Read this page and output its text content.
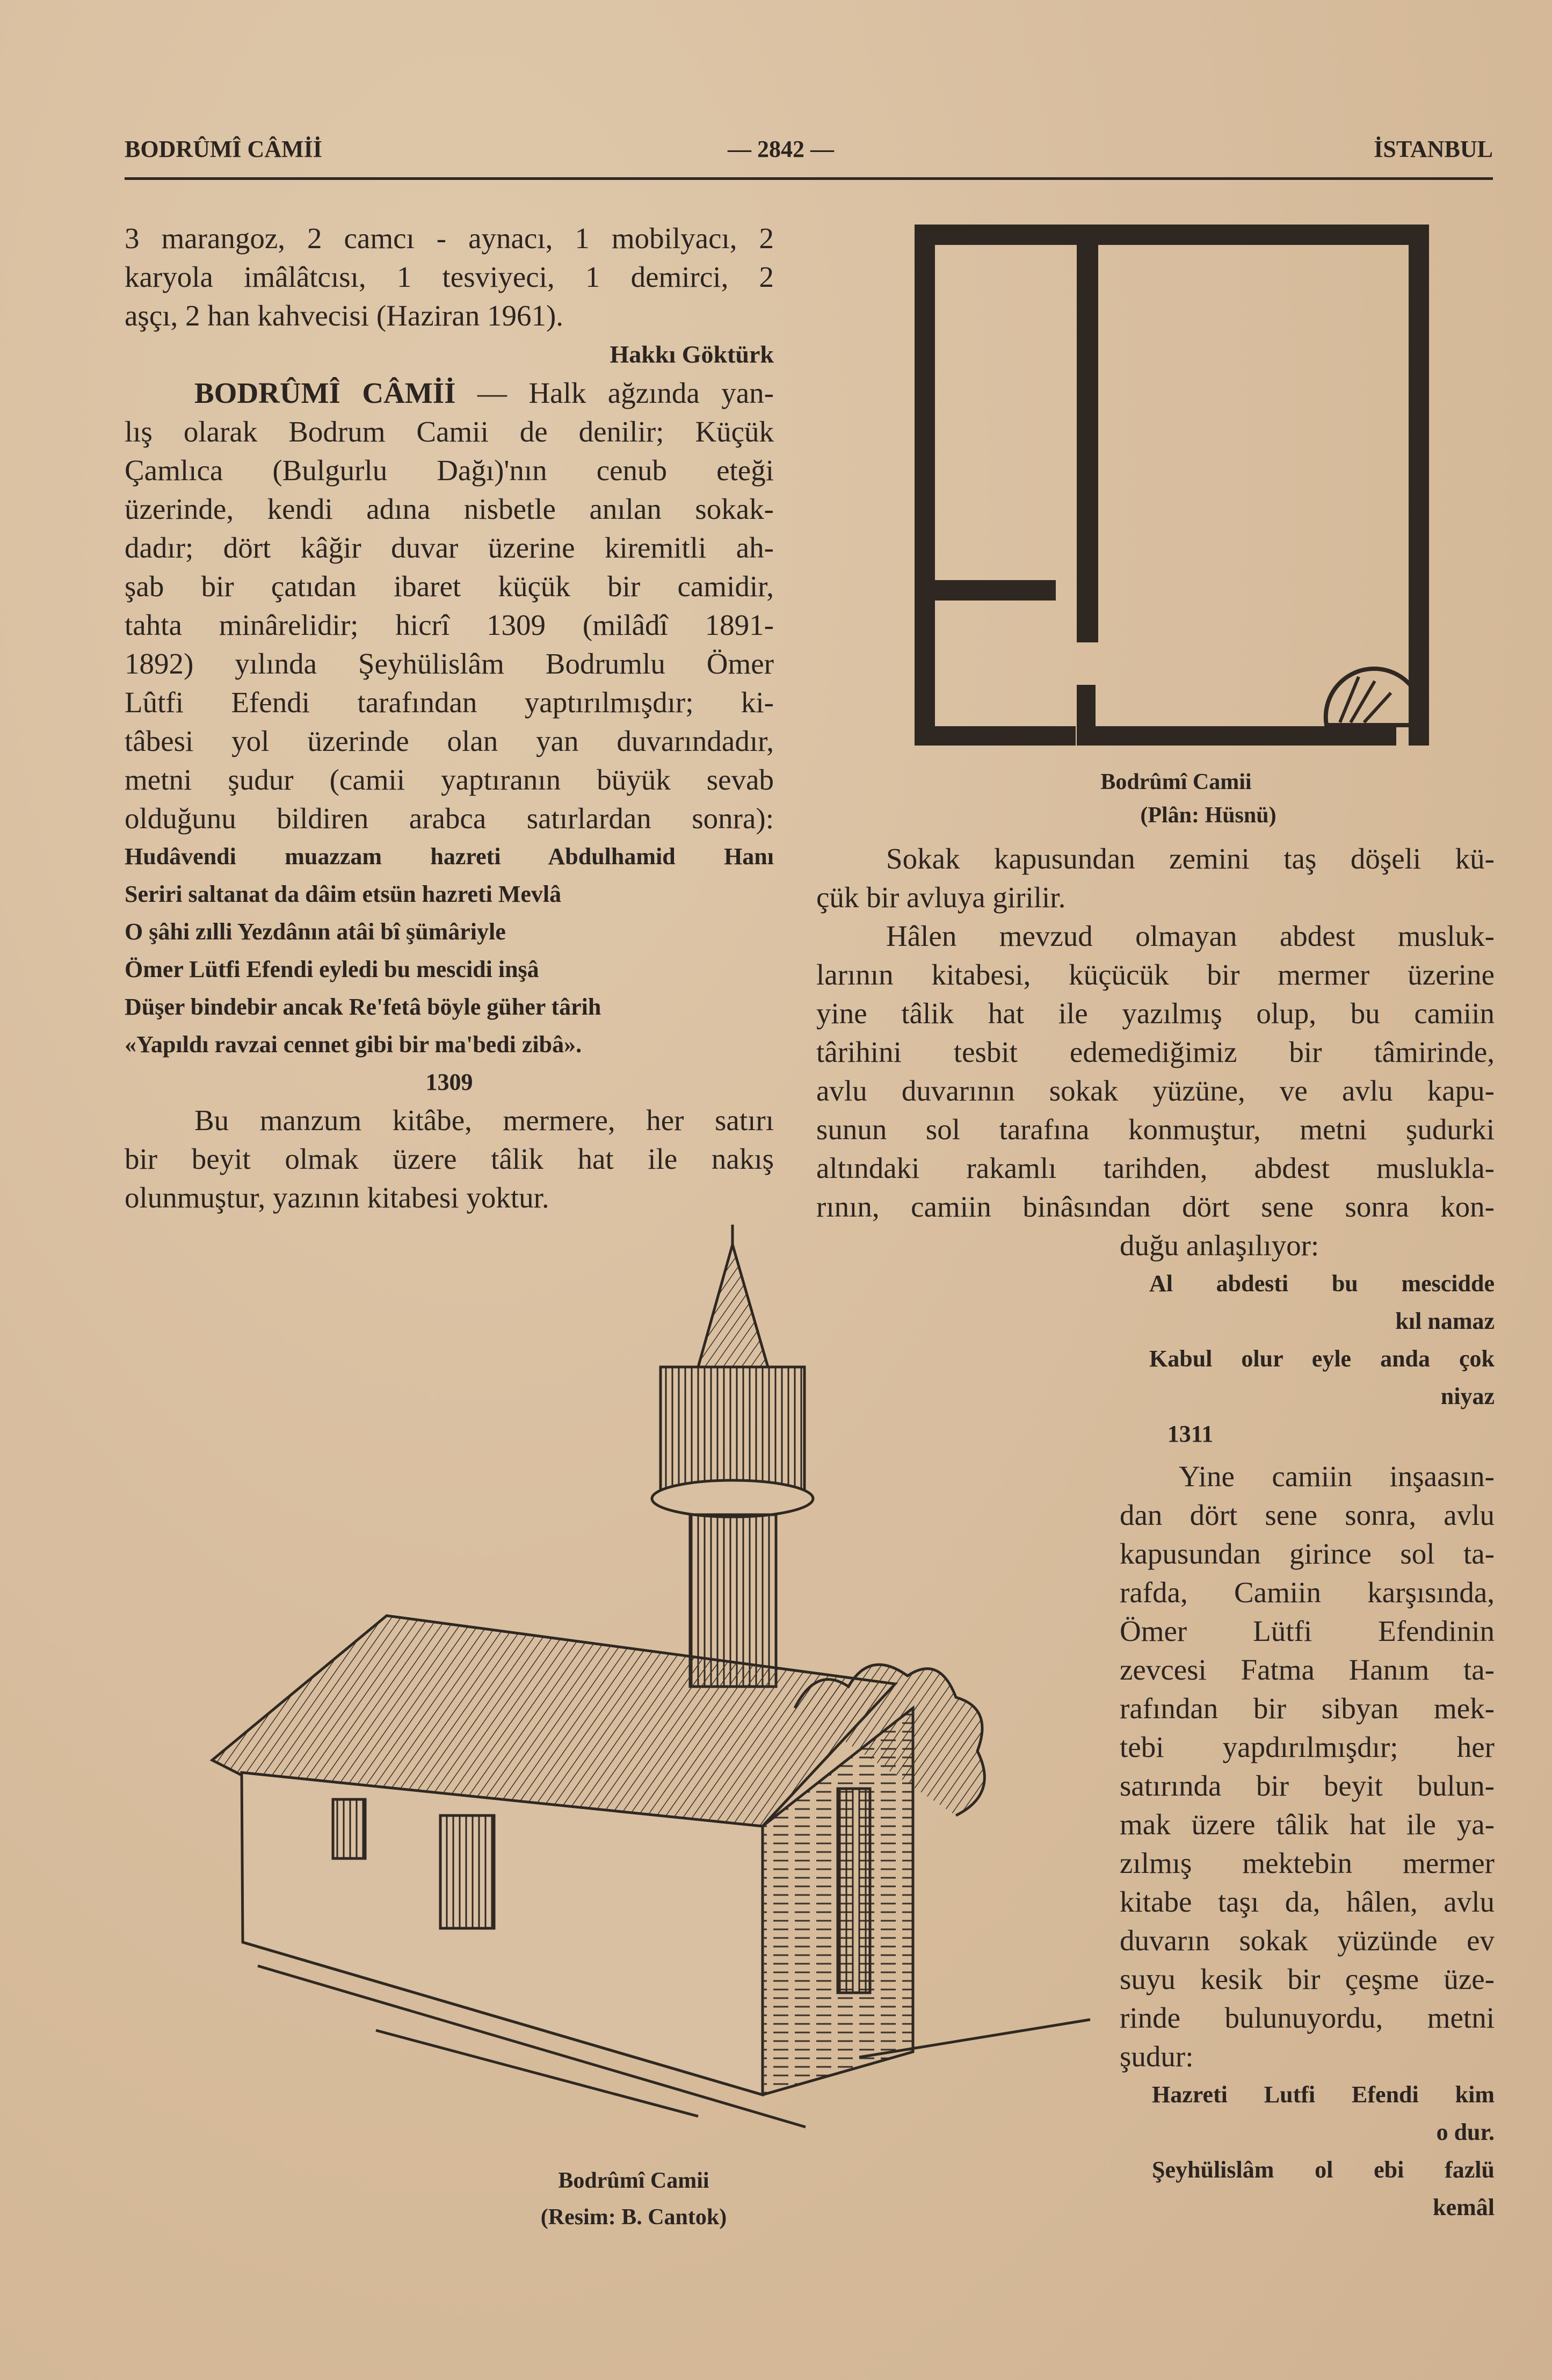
BODRÛMÎ CÂMİİ	— 2842 —	İSTANBUL
3 marangoz, 2 camcı - aynacı, 1 mobilyacı, 2
karyola imâlâtcısı, 1 tesviyeci, 1 demirci, 2
aşçı, 2 han kahvecisi (Haziran 1961).
Hakkı Göktürk
BODRÛMÎ CÂMİİ — Halk ağzında yan-
lış olarak Bodrum Camii de denilir; Küçük
Çamlıca (Bulgurlu Dağı)'nın cenub eteği
üzerinde, kendi adına nisbetle anılan sokak-
dadır; dört kâğir duvar üzerine kiremitli ah-
şab bir çatıdan ibaret küçük bir camidir,
tahta minârelidir; hicrî 1309 (milâdî 1891-
1892) yılında Şeyhülislâm Bodrumlu Ömer
Lûtfi Efendi tarafından yaptırılmışdır; ki-
tâbesi yol üzerinde olan yan duvarındadır,
metni şudur (camii yaptıranın büyük sevab
olduğunu bildiren arabca satırlardan sonra):
Hudâvendi muazzam hazreti Abdulhamid Hanı
Seriri saltanat da dâim etsün hazreti Mevlâ
O şâhi zılli Yezdânın atâi bî şümâriyle
Ömer Lütfi Efendi eyledi bu mescidi inşâ
Düşer bindebir ancak Re'fetâ böyle güher târih
«Yapıldı ravzai cennet gibi bir ma'bedi zibâ».
1309
Bu manzum kitâbe, mermere, her satırı
bir beyit olmak üzere tâlik hat ile nakış
olunmuştur, yazının kitabesi yoktur.
Bodrûmî Camii
(Plân: Hüsnü)
Sokak kapusundan zemini taş döşeli kü-
çük bir avluya girilir.
Hâlen mevzud olmayan abdest musluk-
larının kitabesi, küçücük bir mermer üzerine
yine tâlik hat ile yazılmış olup, bu camiin
târihini tesbit edemediğimiz bir tâmirinde,
avlu duvarının sokak yüzüne, ve avlu kapu-
sunun sol tarafına konmuştur, metni şudurki
altındaki rakamlı tarihden, abdest muslukla-
rının, camiin binâsından dört sene sonra kon-
duğu anlaşılıyor:
Al abdesti bu mescidde
kıl namaz
Kabul olur eyle anda çok
niyaz
1311
Yine camiin inşaasın-
dan dört sene sonra, avlu
kapusundan girince sol ta-
rafda, Camiin karşısında,
Ömer Lütfi Efendinin
zevcesi Fatma Hanım ta-
rafından bir sibyan mek-
tebi yapdırılmışdır; her
satırında bir beyit bulun-
mak üzere tâlik hat ile ya-
zılmış mektebin mermer
kitabe taşı da, hâlen, avlu
duvarın sokak yüzünde ev
suyu kesik bir çeşme üze-
rinde bulunuyordu, metni
şudur:
Hazreti Lutfi Efendi kim
o dur.
Şeyhülislâm ol ebi fazlü
kemâl
Bodrûmî Camii
(Resim: B. Cantok)
